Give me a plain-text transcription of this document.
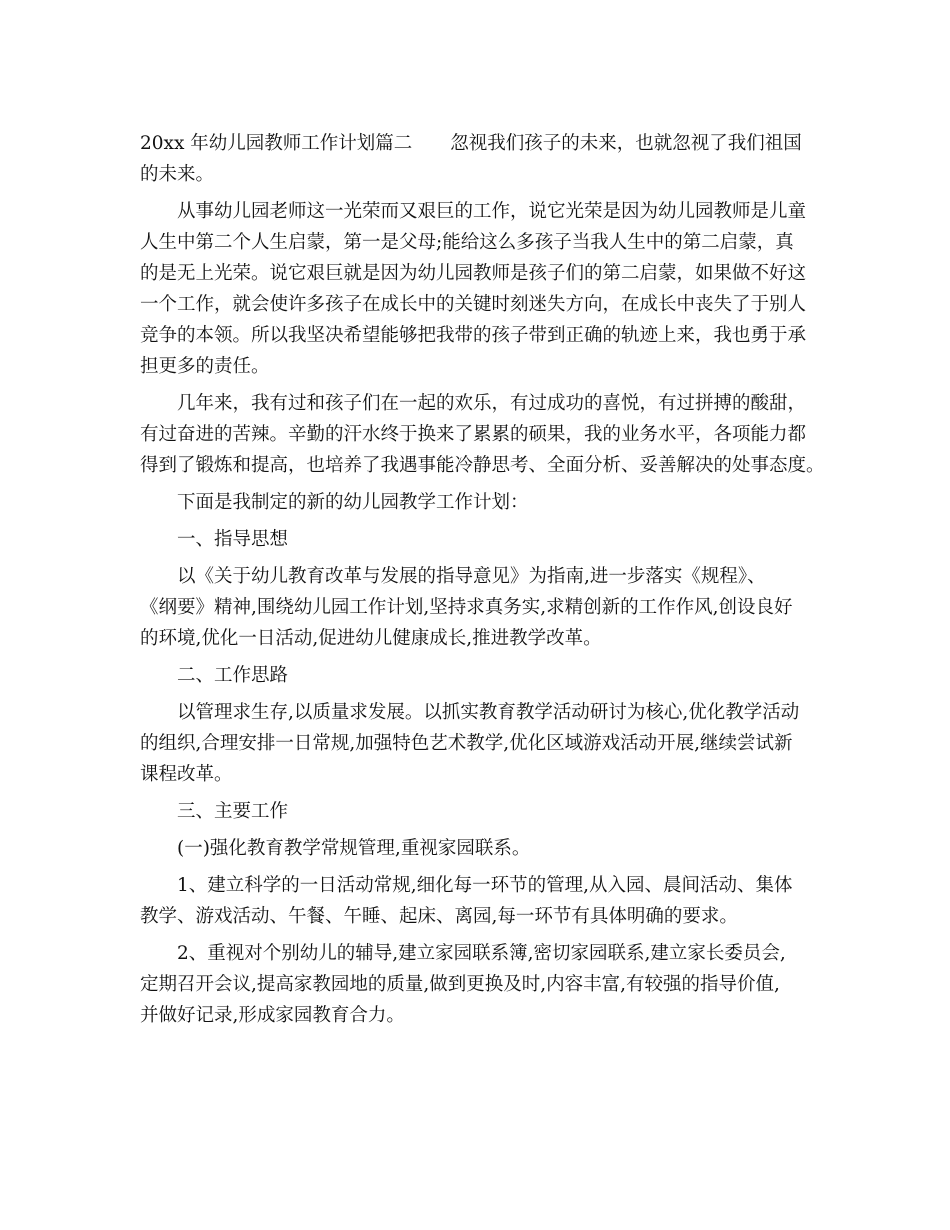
20xx 年幼儿园教师工作计划篇二 忽视我们孩子的未来，也就忽视了我们祖国
的未来。
从事幼儿园老师这一光荣而又艰巨的工作，说它光荣是因为幼儿园教师是儿童
人生中第二个人生启蒙，第一是父母;能给这么多孩子当我人生中的第二启蒙，真
的是无上光荣。说它艰巨就是因为幼儿园教师是孩子们的第二启蒙，如果做不好这
一个工作，就会使许多孩子在成长中的关键时刻迷失方向，在成长中丧失了于别人
竞争的本领。所以我坚决希望能够把我带的孩子带到正确的轨迹上来，我也勇于承
担更多的责任。
几年来，我有过和孩子们在一起的欢乐，有过成功的喜悦，有过拼搏的酸甜，
有过奋进的苦辣。辛勤的汗水终于换来了累累的硕果，我的业务水平，各项能力都
得到了锻炼和提高，也培养了我遇事能冷静思考、全面分析、妥善解决的处事态度。
下面是我制定的新的幼儿园教学工作计划：
一、指导思想
以《关于幼儿教育改革与发展的指导意见》为指南,进一步落实《规程》、
《纲要》精神,围绕幼儿园工作计划,坚持求真务实,求精创新的工作作风,创设良好
的环境,优化一日活动,促进幼儿健康成长,推进教学改革。
二、工作思路
以管理求生存,以质量求发展。以抓实教育教学活动研讨为核心,优化教学活动
的组织,合理安排一日常规,加强特色艺术教学,优化区域游戏活动开展,继续尝试新
课程改革。
三、主要工作
(一)强化教育教学常规管理,重视家园联系。
1、建立科学的一日活动常规,细化每一环节的管理,从入园、晨间活动、集体
教学、游戏活动、午餐、午睡、起床、离园,每一环节有具体明确的要求。
2、重视对个别幼儿的辅导,建立家园联系簿,密切家园联系,建立家长委员会,
定期召开会议,提高家教园地的质量,做到更换及时,内容丰富,有较强的指导价值,
并做好记录,形成家园教育合力。
